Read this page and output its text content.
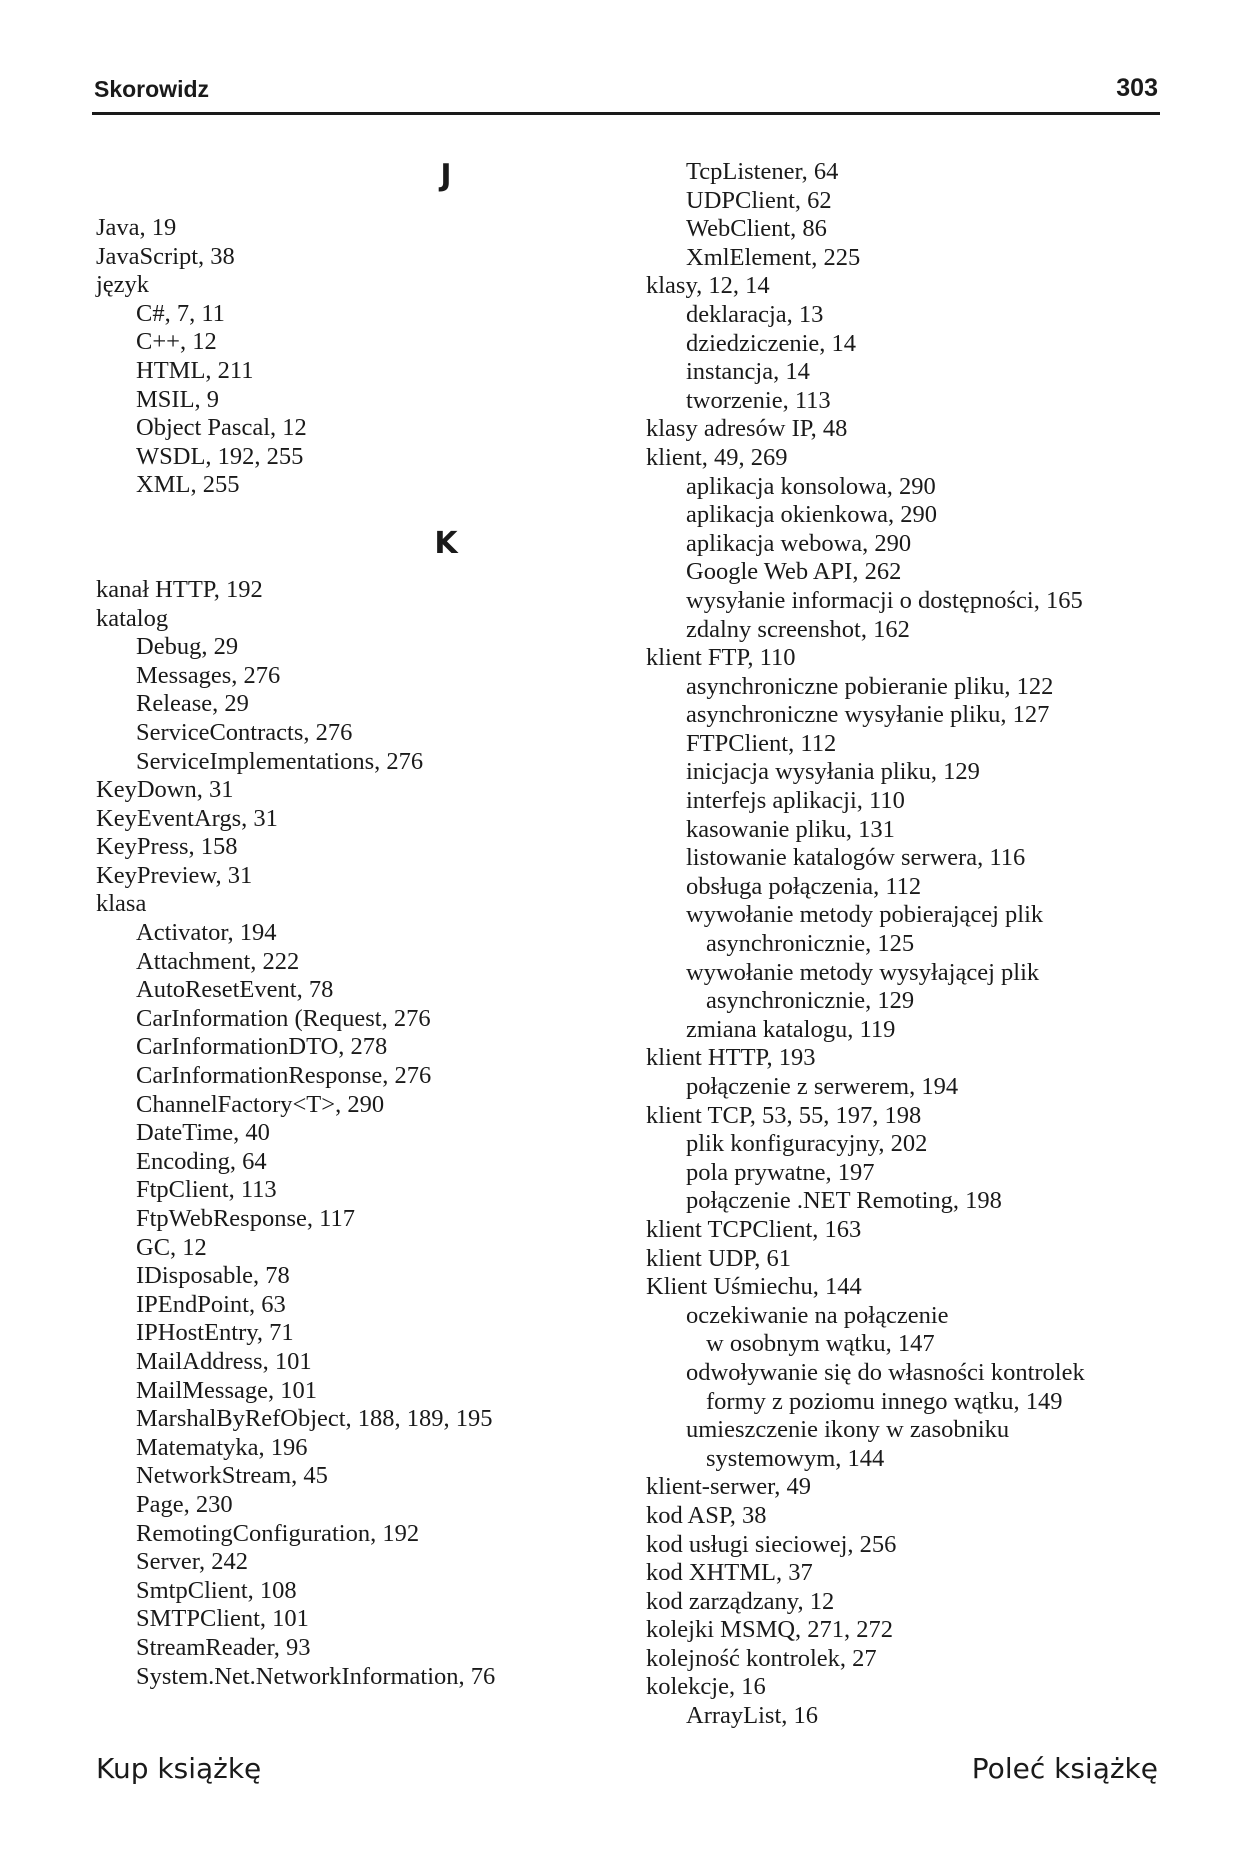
Skorowidz	303
J
Java, 19
JavaScript, 38
język
C#, 7, 11
C++, 12
HTML, 211
MSIL, 9
Object Pascal, 12
WSDL, 192, 255
XML, 255
K
kanał HTTP, 192
katalog
Debug, 29
Messages, 276
Release, 29
ServiceContracts, 276
ServiceImplementations, 276
KeyDown, 31
KeyEventArgs, 31
KeyPress, 158
KeyPreview, 31
klasa
Activator, 194
Attachment, 222
AutoResetEvent, 78
CarInformation (Request, 276
CarInformationDTO, 278
CarInformationResponse, 276
ChannelFactory<T>, 290
DateTime, 40
Encoding, 64
FtpClient, 113
FtpWebResponse, 117
GC, 12
IDisposable, 78
IPEndPoint, 63
IPHostEntry, 71
MailAddress, 101
MailMessage, 101
MarshalByRefObject, 188, 189, 195
Matematyka, 196
NetworkStream, 45
Page, 230
RemotingConfiguration, 192
Server, 242
SmtpClient, 108
SMTPClient, 101
StreamReader, 93
System.Net.NetworkInformation, 76
TcpListener, 64
UDPClient, 62
WebClient, 86
XmlElement, 225
klasy, 12, 14
deklaracja, 13
dziedziczenie, 14
instancja, 14
tworzenie, 113
klasy adresów IP, 48
klient, 49, 269
aplikacja konsolowa, 290
aplikacja okienkowa, 290
aplikacja webowa, 290
Google Web API, 262
wysyłanie informacji o dostępności, 165
zdalny screenshot, 162
klient FTP, 110
asynchroniczne pobieranie pliku, 122
asynchroniczne wysyłanie pliku, 127
FTPClient, 112
inicjacja wysyłania pliku, 129
interfejs aplikacji, 110
kasowanie pliku, 131
listowanie katalogów serwera, 116
obsługa połączenia, 112
wywołanie metody pobierającej plik
asynchronicznie, 125
wywołanie metody wysyłającej plik
asynchronicznie, 129
zmiana katalogu, 119
klient HTTP, 193
połączenie z serwerem, 194
klient TCP, 53, 55, 197, 198
plik konfiguracyjny, 202
pola prywatne, 197
połączenie .NET Remoting, 198
klient TCPClient, 163
klient UDP, 61
Klient Uśmiechu, 144
oczekiwanie na połączenie
w osobnym wątku, 147
odwoływanie się do własności kontrolek
formy z poziomu innego wątku, 149
umieszczenie ikony w zasobniku
systemowym, 144
klient-serwer, 49
kod ASP, 38
kod usługi sieciowej, 256
kod XHTML, 37
kod zarządzany, 12
kolejki MSMQ, 271, 272
kolejność kontrolek, 27
kolekcje, 16
ArrayList, 16
Kup książkę	Poleć książkę
